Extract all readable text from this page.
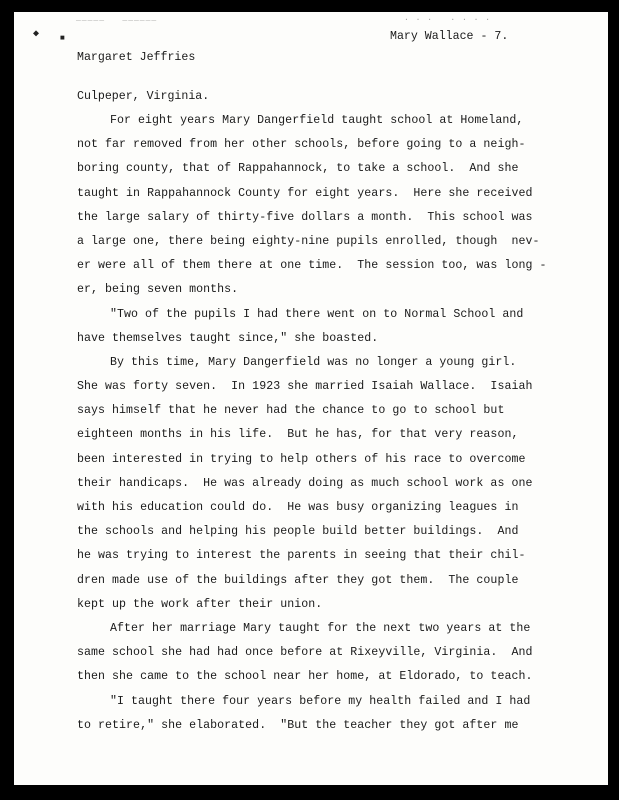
_____   ______	. . .   . . . .
◆	■

Margaret Jeffries

Culpeper, Virginia.

Mary Wallace - 7.
For eight years Mary Dangerfield taught school at Homeland,
not far removed from her other schools, before going to a neigh-
boring county, that of Rappahannock, to take a school.  And she
taught in Rappahannock County for eight years.  Here she received
the large salary of thirty-five dollars a month.  This school was
a large one, there being eighty-nine pupils enrolled, though  nev-
er were all of them there at one time.  The session too, was long -
er, being seven months.
"Two of the pupils I had there went on to Normal School and
have themselves taught since," she boasted.
By this time, Mary Dangerfield was no longer a young girl.
She was forty seven.  In 1923 she married Isaiah Wallace.  Isaiah
says himself that he never had the chance to go to school but
eighteen months in his life.  But he has, for that very reason,
been interested in trying to help others of his race to overcome
their handicaps.  He was already doing as much school work as one
with his education could do.  He was busy organizing leagues in
the schools and helping his people build better buildings.  And
he was trying to interest the parents in seeing that their chil-
dren made use of the buildings after they got them.  The couple
kept up the work after their union.
After her marriage Mary taught for the next two years at the
same school she had had once before at Rixeyville, Virginia.  And
then she came to the school near her home, at Eldorado, to teach.
"I taught there four years before my health failed and I had
to retire," she elaborated.  "But the teacher they got after me
